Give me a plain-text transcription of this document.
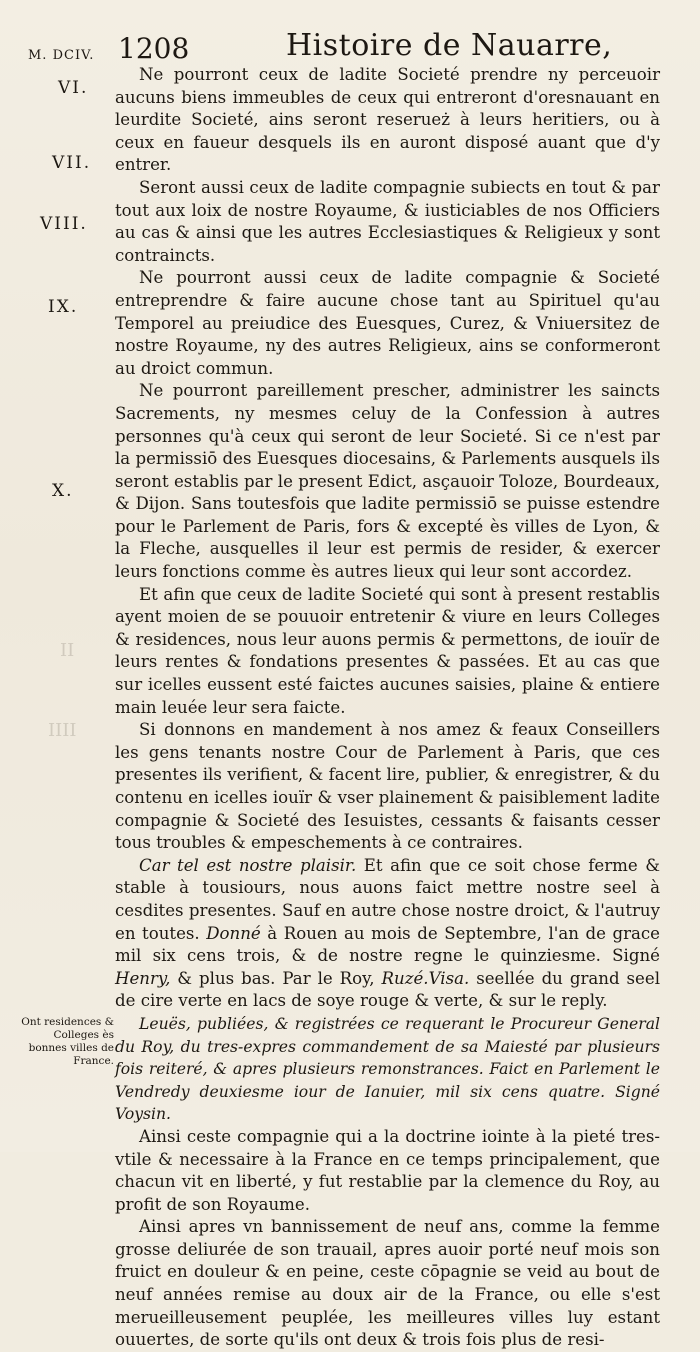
M. DCIV. 1208	Histoire de Nauarre,
VI.
VII.
VIII.
IX.
X.
II
IIII

Ne pourront ceux de ladite Societé prendre ny perceuoir aucuns biens immeubles de ceux qui entreront d'oresnauant en leurdite Societé, ains seront reserueż à leurs heritiers, ou à ceux en faueur desquels ils en auront disposé auant que d'y entrer.

Seront aussi ceux de ladite compagnie subiects en tout & par tout aux loix de nostre Royaume, & iusticiables de nos Officiers au cas & ainsi que les autres Ecclesiastiques & Religieux y sont contraincts.

Ne pourront aussi ceux de ladite compagnie & Societé entreprendre & faire aucune chose tant au Spirituel qu'au Temporel au preiudice des Euesques, Curez, & Vniuersitez de nostre Royaume, ny des autres Religieux, ains se conformeront au droict commun.

Ne pourront pareillement prescher, administrer les saincts Sacrements, ny mesmes celuy de la Confession à autres personnes qu'à ceux qui seront de leur Societé. Si ce n'est par la permissiō des Euesques diocesains, & Parlements ausquels ils seront establis par le present Edict, asçauoir Toloze, Bourdeaux, & Dijon. Sans toutesfois que ladite permissiō se puisse estendre pour le Parlement de Paris, fors & excepté ès villes de Lyon, & la Fleche, ausquelles il leur est permis de resider, & exercer leurs fonctions comme ès autres lieux qui leur sont accordez.

Et afin que ceux de ladite Societé qui sont à present restablis ayent moien de se pouuoir entretenir & viure en leurs Colleges & residences, nous leur auons permis & permettons, de iouïr de leurs rentes & fondations presentes & passées. Et au cas que sur icelles eussent esté faictes aucunes saisies, plaine & entiere main leuée leur sera faicte.

Si donnons en mandement à nos amez & feaux Conseillers les gens tenants nostre Cour de Parlement à Paris, que ces presentes ils verifient, & facent lire, publier, & enregistrer, & du contenu en icelles iouïr & vser plainement & paisiblement ladite compagnie & Societé des Iesuistes, cessants & faisants cesser tous troubles & empeschements à ce contraires.

Car tel est nostre plaisir. Et afin que ce soit chose ferme & stable à tousiours, nous auons faict mettre nostre seel à cesdites presentes. Sauf en autre chose nostre droict, & l'autruy en toutes. Donné à Rouen au mois de Septembre, l'an de grace mil six cens trois, & de nostre regne le quinziesme. Signé Henry, & plus bas. Par le Roy, Ruzé.Visa. seellée du grand seel de cire verte en lacs de soye rouge & verte, & sur le reply.

Leuës, publiées, & registrées ce requerant le Procureur General du Roy, du tres-expres commandement de sa Maiesté par plusieurs fois reiteré, & apres plusieurs remonstrances. Faict en Parlement le Vendredy deuxiesme iour de Ianuier, mil six cens quatre. Signé Voysin.

Ainsi ceste compagnie qui a la doctrine iointe à la pieté tres-vtile & necessaire à la France en ce temps principalement, que chacun vit en liberté, y fut restablie par la clemence du Roy, au profit de son Royaume.

Ainsi apres vn bannissement de neuf ans, comme la femme grosse deliurée de son trauail, apres auoir porté neuf mois son fruict en douleur & en peine, ceste cōpagnie se veid au bout de neuf années remise au doux air de la France, ou elle s'est merueilleusement peuplée, les meilleures villes luy estant ouuertes, de sorte qu'ils ont deux & trois fois plus de resi-

Ont residences & Colleges ès bonnes villes de France.
